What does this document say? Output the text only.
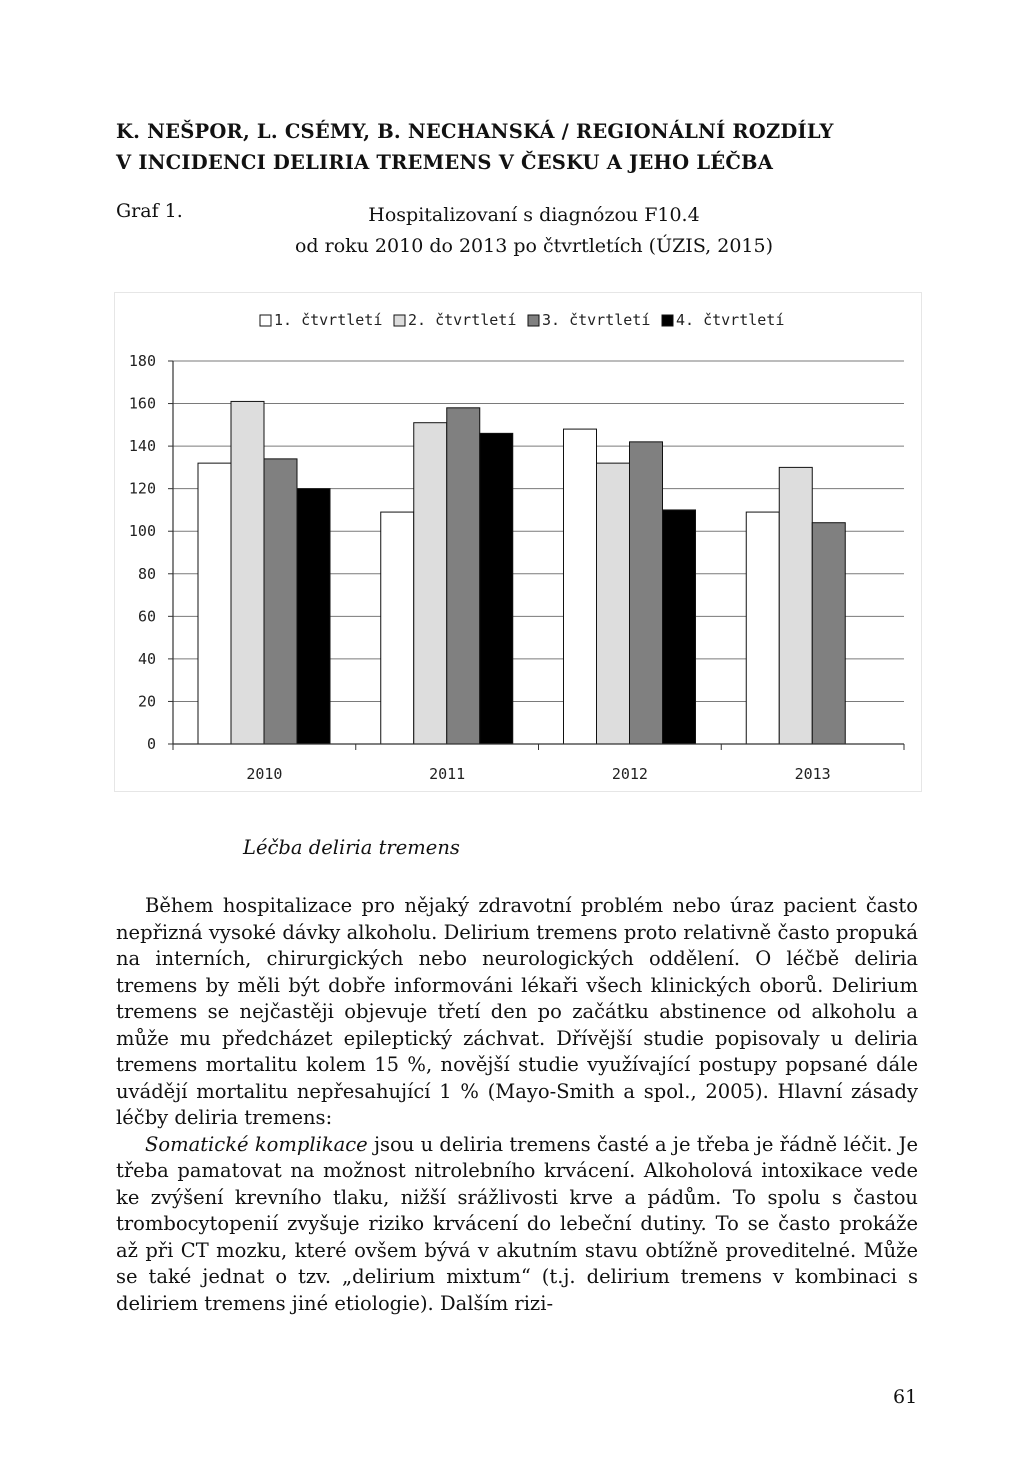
K. NEŠPOR, L. CSÉMY, B. NECHANSKÁ / REGIONÁLNÍ ROZDÍLY
V INCIDENCI DELIRIA TREMENS V ČESKU A JEHO LÉČBA
Graf 1.	Hospitalizovaní s diagnózou F10.4
od roku 2010 do 2013 po čtvrtletích (ÚZIS, 2015)
0
20
40
60
80
100
120
140
160
180
2010	2011	2012	2013
1. čtvrtletí 2. čtvrtletí 3. čtvrtletí 4. čtvrtletí
Léčba deliria tremens

Během hospitalizace pro nějaký zdravotní problém nebo úraz pacient často nepřizná vysoké dávky alkoholu. Delirium tremens proto relativně často propuká na interních, chirurgických nebo neurologických oddělení. O léčbě deliria tremens by měli být dobře informováni lékaři všech klinických oborů. Delirium tremens se nejčastěji objevuje třetí den po začátku abstinence od alkoholu a může mu předcházet epileptický záchvat. Dřívější studie popisovaly u deliria tremens mortalitu kolem 15 %, novější studie využívající postupy popsané dále uvádějí mortalitu nepřesahující 1 % (Mayo-Smith a spol., 2005). Hlavní zásady léčby deliria tremens:

Somatické komplikace jsou u deliria tremens časté a je třeba je řádně léčit. Je třeba pamatovat na možnost nitrolebního krvácení. Alkoholová intoxikace vede ke zvýšení krevního tlaku, nižší srážlivosti krve a pádům. To spolu s častou trombocytopenií zvyšuje riziko krvácení do lebeční dutiny. To se často prokáže až při CT mozku, které ovšem bývá v akutním stavu obtížně proveditelné. Může se také jednat o tzv. „delirium mixtum“ (t.j. delirium tremens v kombinaci s deliriem tremens jiné etiologie). Dalším rizi-

61
